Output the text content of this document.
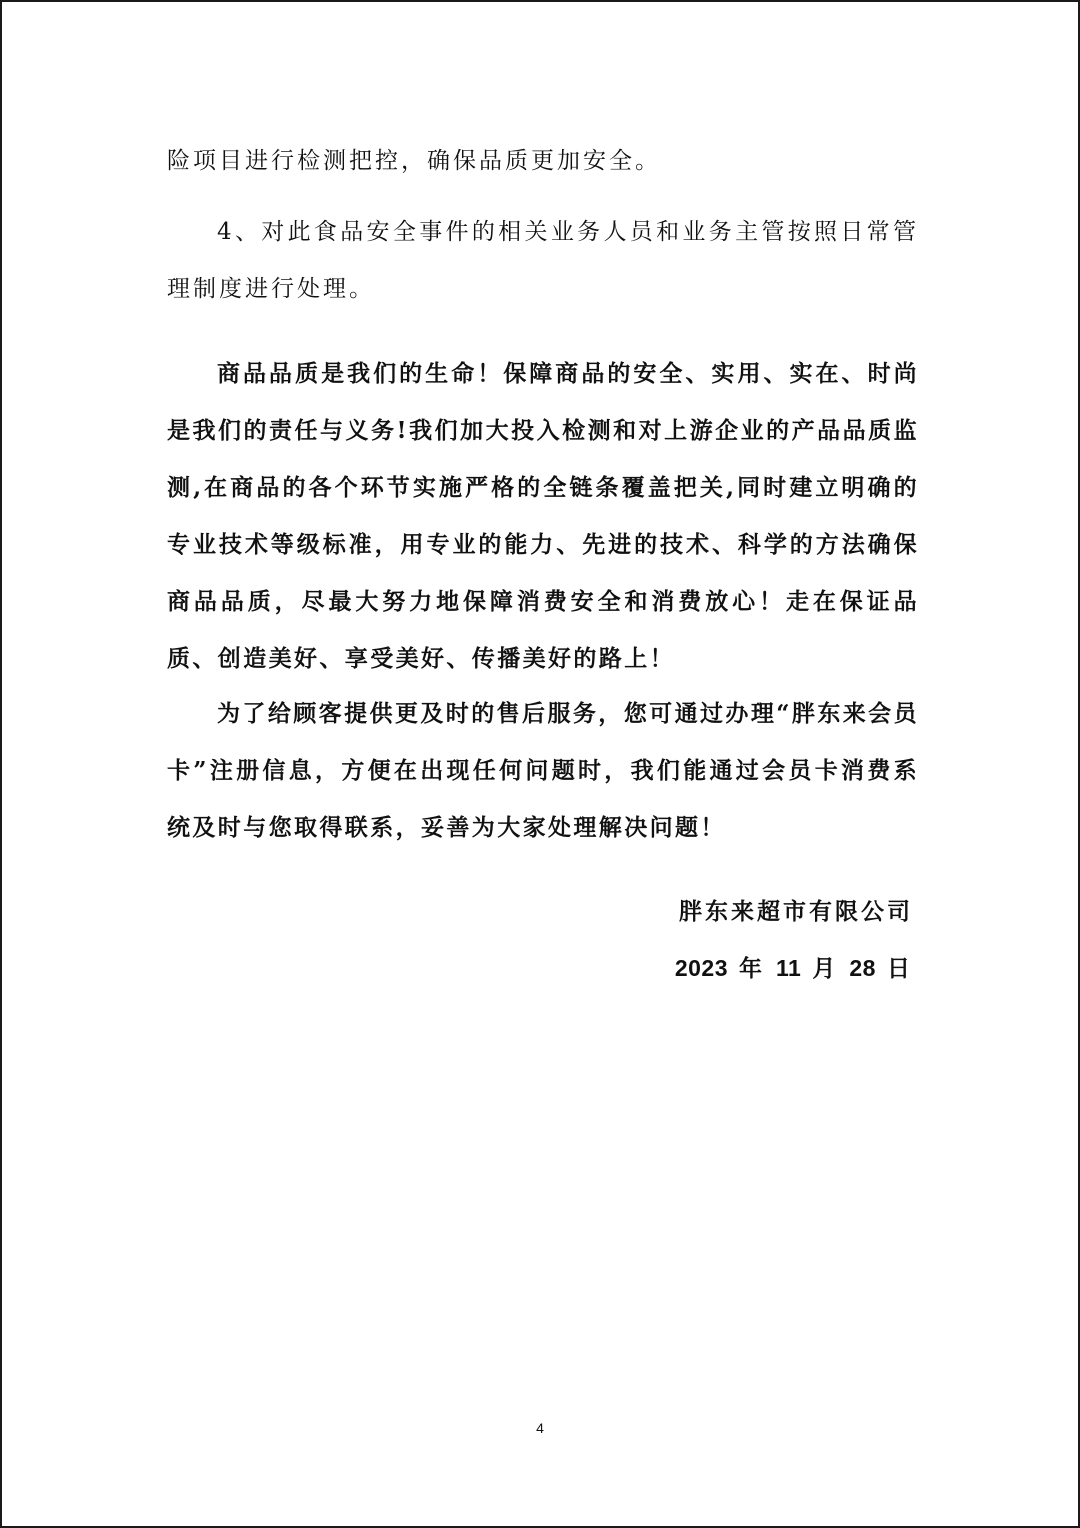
险项目进行检测把控，确保品质更加安全。

4、对此食品安全事件的相关业务人员和业务主管按照日常管理制度进行处理。

商品品质是我们的生命！保障商品的安全、实用、实在、时尚是我们的责任与义务!我们加大投入检测和对上游企业的产品品质监测,在商品的各个环节实施严格的全链条覆盖把关,同时建立明确的专业技术等级标准，用专业的能力、先进的技术、科学的方法确保商品品质，尽最大努力地保障消费安全和消费放心！走在保证品质、创造美好、享受美好、传播美好的路上！

为了给顾客提供更及时的售后服务，您可通过办理“胖东来会员卡”注册信息，方便在出现任何问题时，我们能通过会员卡消费系统及时与您取得联系，妥善为大家处理解决问题！

胖东来超市有限公司
2023 年 11 月 28 日
4
